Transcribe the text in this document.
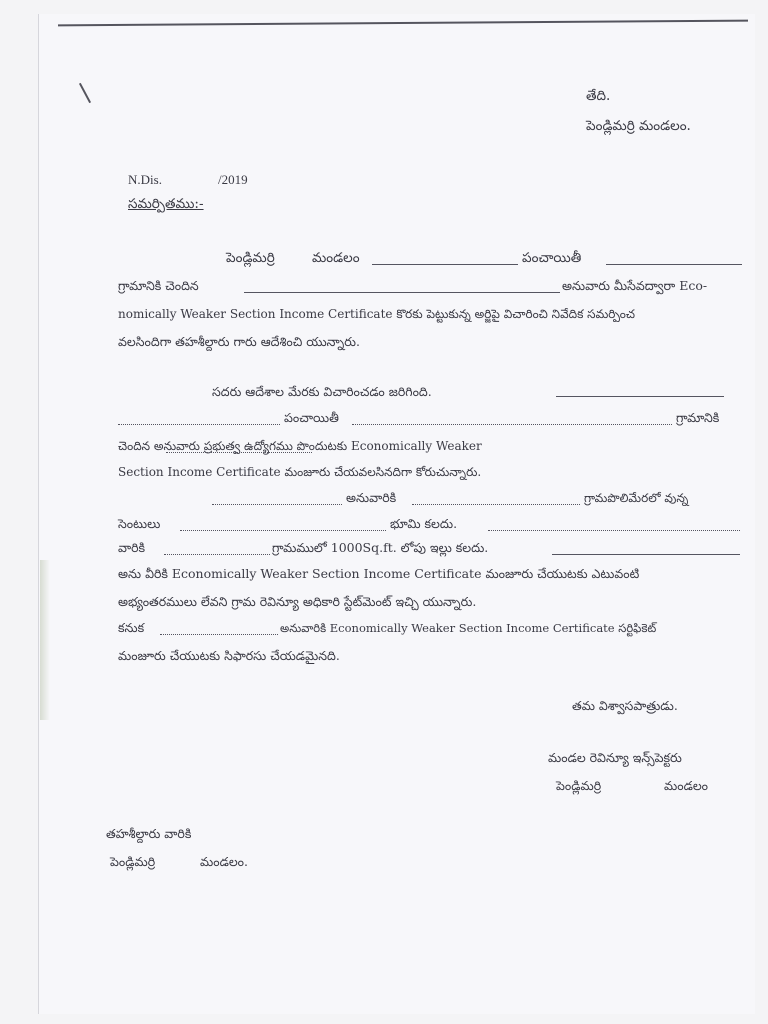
తేది.
పెండ్లిమర్రి మండలం.
N.Dis.	/2019
సమర్పితము:-
పెండ్లిమర్రి	మండలం	పంచాయితీ
గ్రామానికి చెందిన	అనువారు మీసేవద్వారా Eco-
nomically Weaker Section Income Certificate కొరకు పెట్టుకున్న అర్జిపై విచారించి నివేదిక సమర్పించ
వలసిందిగా తహశీల్దారు గారు ఆదేశించి యున్నారు.
సదరు ఆదేశాల మేరకు విచారించడం జరిగింది.
పంచాయితీ	గ్రామానికి
చెందిన అనువారు ప్రభుత్వ ఉద్యోగము పొందుటకు Economically Weaker
Section Income Certificate మంజూరు చేయవలసినదిగా కోరుచున్నారు.
అనువారికి	గ్రామపొలిమేరలో వున్న
సెంటులు	భూమి కలదు.
వారికి	గ్రామములో 1000Sq.ft. లోపు ఇల్లు కలదు.
అను వీరికి Economically Weaker Section Income Certificate మంజూరు చేయుటకు ఎటువంటి
అభ్యంతరములు లేవని గ్రామ రెవిన్యూ అధికారి స్టేట్‌మెంట్ ఇచ్చి యున్నారు.
కనుక	అనువారికి Economically Weaker Section Income Certificate సర్టిఫికెట్
మంజూరు చేయుటకు సిఫారసు చేయడమైనది.
తమ విశ్వాసపాత్రుడు.
మండల రెవిన్యూ ఇన్స్‌పెక్టరు
పెండ్లిమర్రి	మండలం
తహశీల్దారు వారికి
పెండ్లిమర్రి	మండలం.
